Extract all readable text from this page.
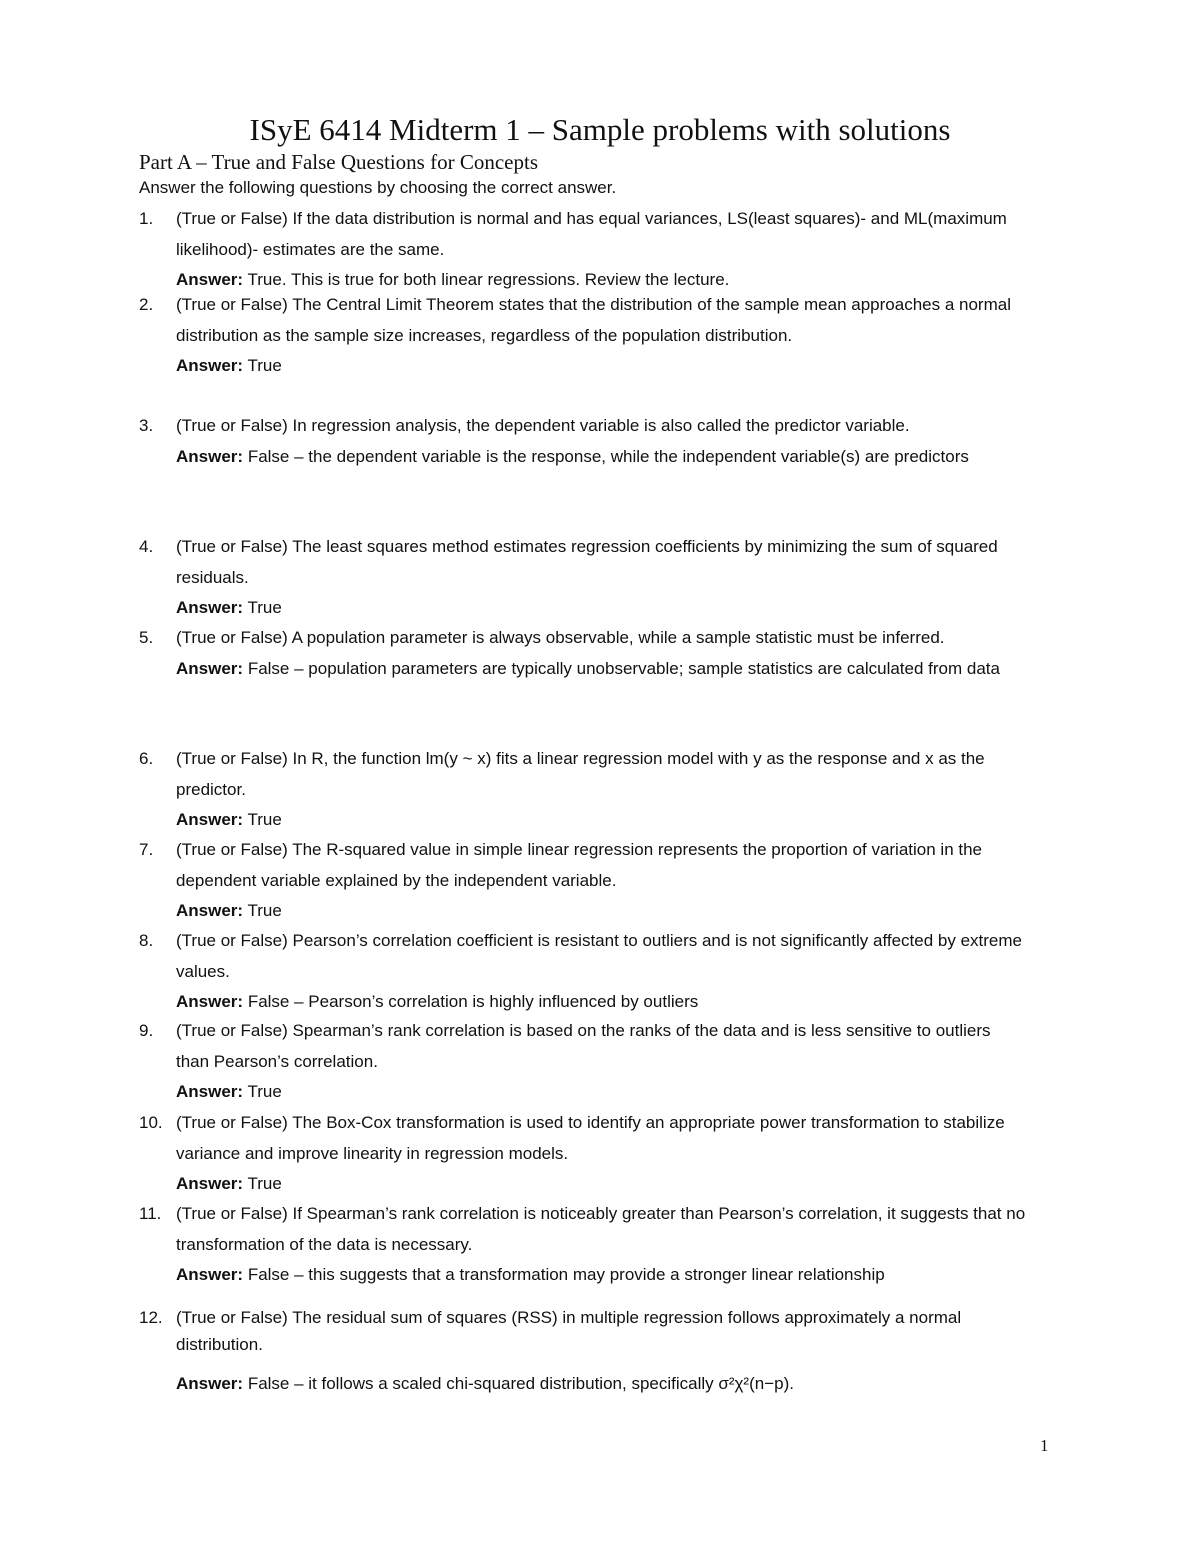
ISyE 6414 Midterm 1 – Sample problems with solutions
Part A – True and False Questions for Concepts
Answer the following questions by choosing the correct answer.
1.	(True or False) If the data distribution is normal and has equal variances, LS(least squares)- and ML(maximum likelihood)- estimates are the same.
Answer: True. This is true for both linear regressions. Review the lecture.
2.	(True or False) The Central Limit Theorem states that the distribution of the sample mean approaches a normal distribution as the sample size increases, regardless of the population distribution.
Answer: True
3.	(True or False) In regression analysis, the dependent variable is also called the predictor variable.
Answer: False – the dependent variable is the response, while the independent variable(s) are predictors
4.	(True or False) The least squares method estimates regression coefficients by minimizing the sum of squared residuals.
Answer: True
5.	(True or False) A population parameter is always observable, while a sample statistic must be inferred.
Answer: False – population parameters are typically unobservable; sample statistics are calculated from data
6.	(True or False) In R, the function lm(y ~ x) fits a linear regression model with y as the response and x as the predictor.
Answer: True
7.	(True or False) The R-squared value in simple linear regression represents the proportion of variation in the dependent variable explained by the independent variable.
Answer: True
8.	(True or False) Pearson’s correlation coefficient is resistant to outliers and is not significantly affected by extreme values.
Answer: False – Pearson’s correlation is highly influenced by outliers
9.	(True or False) Spearman’s rank correlation is based on the ranks of the data and is less sensitive to outliers than Pearson’s correlation.
Answer: True
10. (True or False) The Box-Cox transformation is used to identify an appropriate power transformation to stabilize variance and improve linearity in regression models.
Answer: True
11. (True or False) If Spearman’s rank correlation is noticeably greater than Pearson’s correlation, it suggests that no transformation of the data is necessary.
Answer: False – this suggests that a transformation may provide a stronger linear relationship
12. (True or False) The residual sum of squares (RSS) in multiple regression follows approximately a normal distribution.
Answer: False – it follows a scaled chi-squared distribution, specifically σ²χ²(n−p).
1
